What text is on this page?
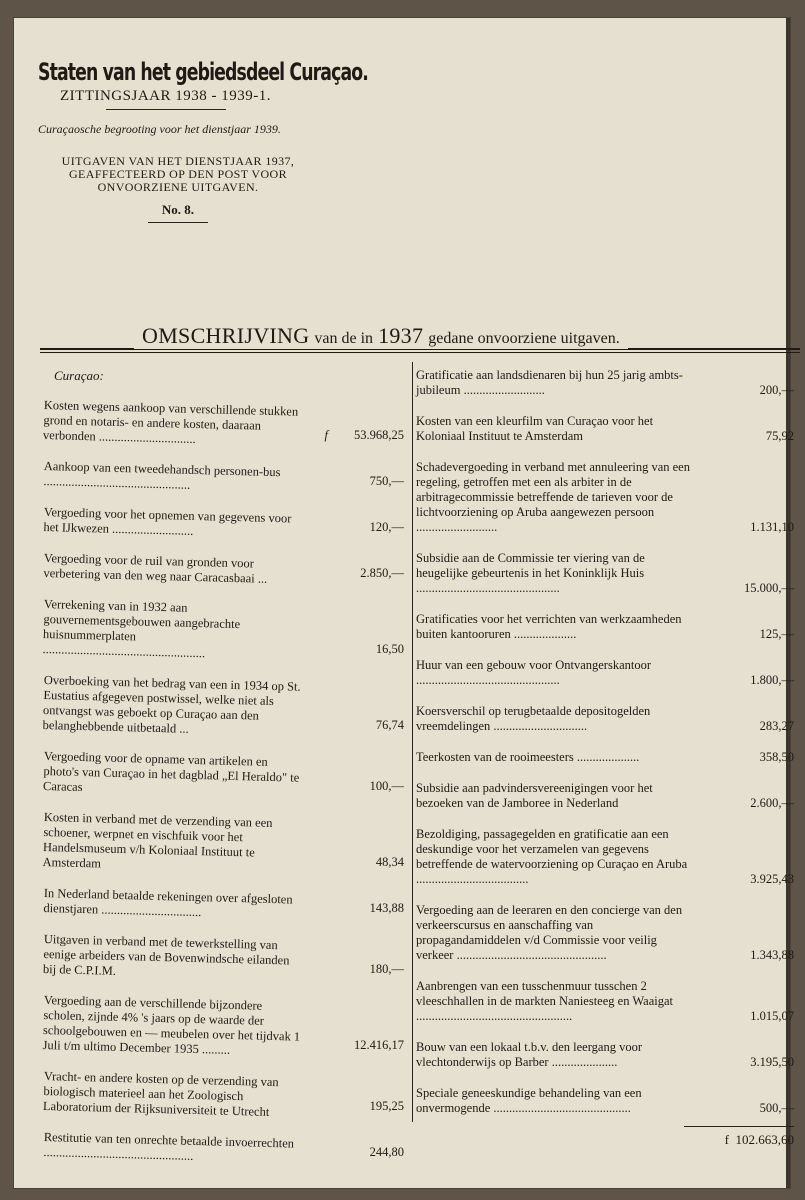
Staten van het gebiedsdeel Curaçao.
ZITTINGSJAAR 1938 - 1939-1.
Curaçaosche begrooting voor het dienstjaar 1939.
UITGAVEN VAN HET DIENSTJAAR 1937,
GEAFFECTEERD OP DEN POST VOOR
ONVOORZIENE UITGAVEN.
No. 8.
OMSCHRIJVING van de in 1937 gedane onvoorziene uitgaven.
Curaçao:
Kosten wegens aankoop van verschillende stukken grond en notaris- en andere kosten, daaraan verbonden ...............................	f 53.968,25
Aankoop van een tweedehandsch personen-bus ...............................................	750,—
Vergoeding voor het opnemen van gegevens voor het IJkwezen ..........................	120,—
Vergoeding voor de ruil van gronden voor verbetering van den weg naar Caracasbaai ...	2.850,—
Verrekening van in 1932 aan gouvernementsgebouwen aangebrachte huisnummerplaten ....................................................	16,50
Overboeking van het bedrag van een in 1934 op St. Eustatius afgegeven postwissel, welke niet als ontvangst was geboekt op Curaçao aan den belanghebbende uitbetaald ...	76,74
Vergoeding voor de opname van artikelen en photo's van Curaçao in het dagblad „El Heraldo" te Caracas	100,—
Kosten in verband met de verzending van een schoener, werpnet en vischfuik voor het Handelsmuseum v/h Koloniaal Instituut te Amsterdam	48,34
In Nederland betaalde rekeningen over afgesloten dienstjaren ................................	143,88
Uitgaven in verband met de tewerkstelling van eenige arbeiders van de Bovenwindsche eilanden bij de C.P.I.M.	180,—
Vergoeding aan de verschillende bijzondere scholen, zijnde 4% 's jaars op de waarde der schoolgebouwen en — meubelen over het tijdvak 1 Juli t/m ultimo December 1935 .........	12.416,17
Vracht- en andere kosten op de verzending van biologisch materieel aan het Zoologisch Laboratorium der Rijksuniversiteit te Utrecht	195,25
Restitutie van ten onrechte betaalde invoerrechten ................................................	244,80
Gratificatie aan landsdienaren bij hun 25 jarig ambts-jubileum ..........................	200,—
Kosten van een kleurfilm van Curaçao voor het Koloniaal Instituut te Amsterdam	75,92
Schadevergoeding in verband met annuleering van een regeling, getroffen met een als arbiter in de arbitragecommissie betreffende de tarieven voor de lichtvoorziening op Aruba aangewezen persoon ..........................	1.131,10
Subsidie aan de Commissie ter viering van de heugelijke gebeurtenis in het Koninklijk Huis ..............................................	15.000,—
Gratificaties voor het verrichten van werkzaamheden buiten kantooruren ....................	125,—
Huur van een gebouw voor Ontvangerskantoor ..............................................	1.800,—
Koersverschil op terugbetaalde depositogelden vreemdelingen ..............................	283,27
Teerkosten van de rooimeesters ....................	358,50
Subsidie aan padvindersvereenigingen voor het bezoeken van de Jamboree in Nederland	2.600,—
Bezoldiging, passagegelden en gratificatie aan een deskundige voor het verzamelen van gegevens betreffende de watervoorziening op Curaçao en Aruba ....................................	3.925,43
Vergoeding aan de leeraren en den concierge van den verkeerscursus en aanschaffing van propagandamiddelen v/d Commissie voor veilig verkeer ................................................	1.343,88
Aanbrengen van een tusschenmuur tusschen 2 vleeschhallen in de markten Naniesteeg en Waaigat ..................................................	1.015,07
Bouw van een lokaal t.b.v. den leergang voor vlechtonderwijs op Barber .....................	3.195,50
Speciale geneeskundige behandeling van een onvermogende ............................................	500,—
f 102.663,60
